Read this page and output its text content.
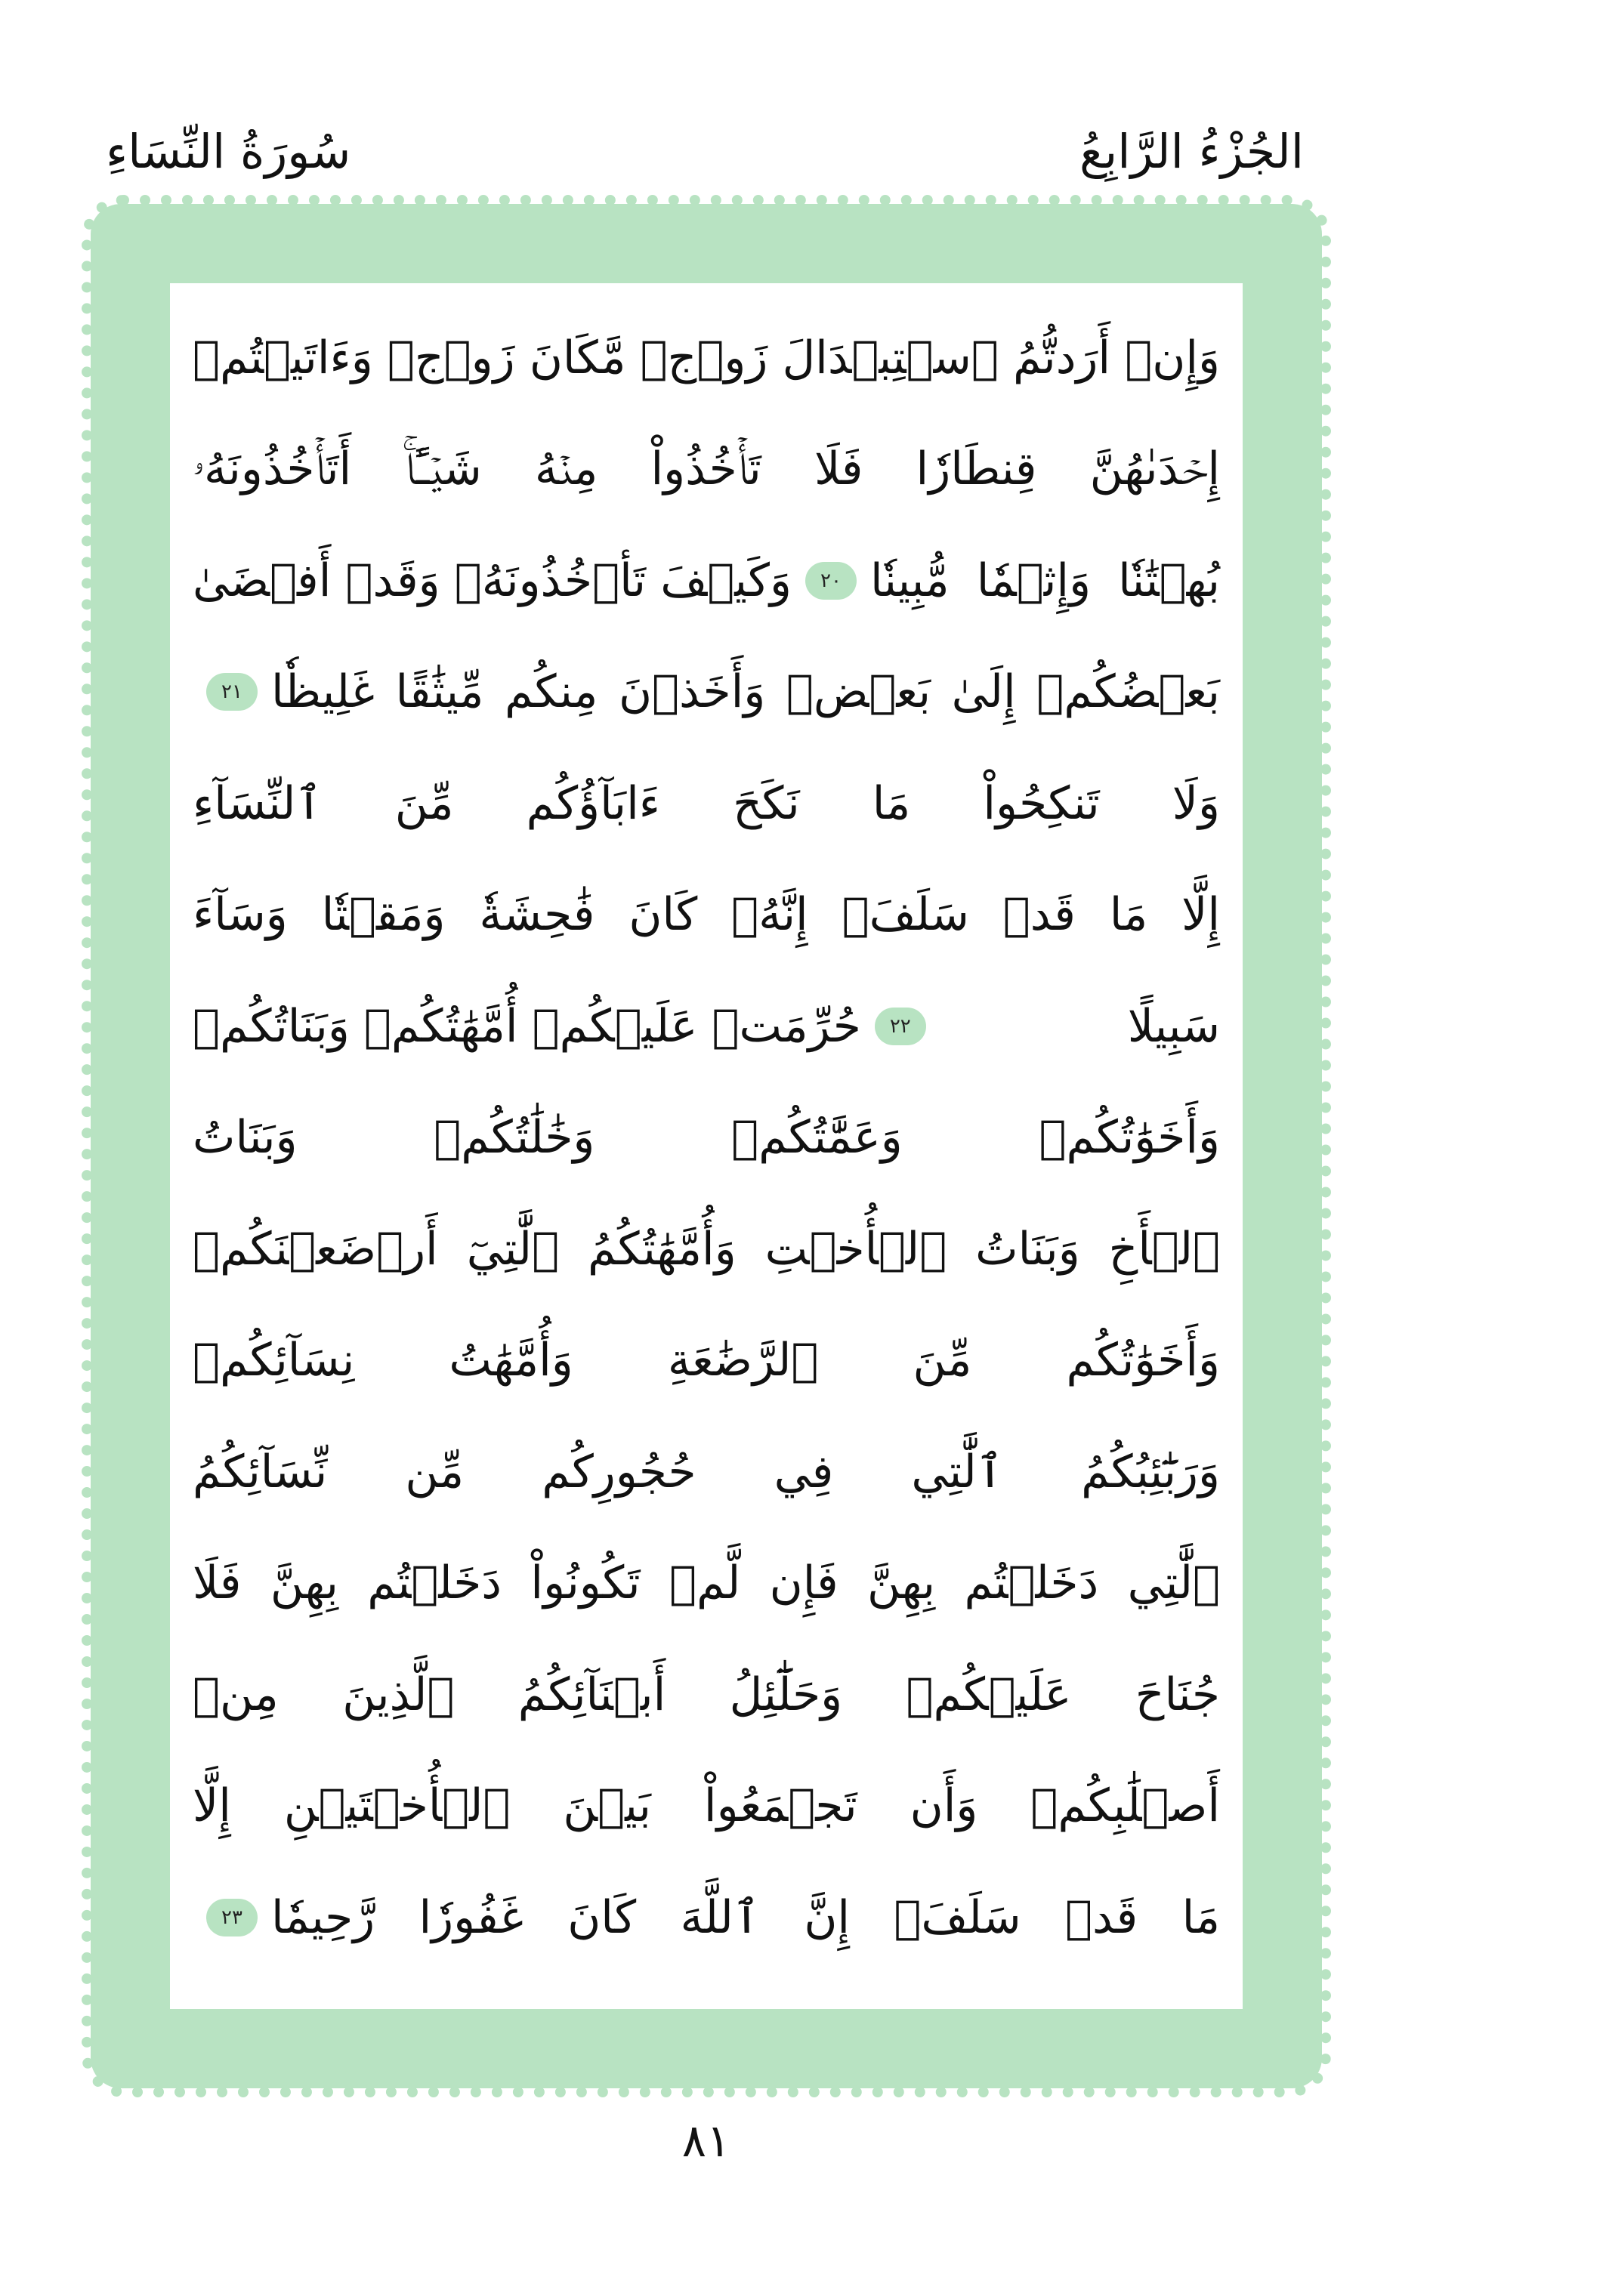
سُورَةُ النِّسَاءِ	الجُزْءُ الرَّابِعُ
وَإِنۡ أَرَدتُّمُ ٱسۡتِبۡدَالَ زَوۡجٖ مَّكَانَ زَوۡجٖ وَءَاتَيۡتُمۡ
إِحۡدَىٰهُنَّ قِنطَارٗا فَلَا تَأۡخُذُواْ مِنۡهُ شَيۡـًٔاۚ أَتَأۡخُذُونَهُۥ
بُهۡتَٰنٗا وَإِثۡمٗا مُّبِينٗا
٢٠
وَكَيۡفَ تَأۡخُذُونَهُۥ وَقَدۡ أَفۡضَىٰ
بَعۡضُكُمۡ إِلَىٰ بَعۡضٖ وَأَخَذۡنَ مِنكُم مِّيثَٰقًا غَلِيظٗا
٢١
وَلَا تَنكِحُواْ مَا نَكَحَ ءَابَآؤُكُم مِّنَ ٱلنِّسَآءِ
إِلَّا مَا قَدۡ سَلَفَۚ إِنَّهُۥ كَانَ فَٰحِشَةٗ وَمَقۡتٗا وَسَآءَ
سَبِيلًا
٢٢
حُرِّمَتۡ عَلَيۡكُمۡ أُمَّهَٰتُكُمۡ وَبَنَاتُكُمۡ
وَأَخَوَٰتُكُمۡ وَعَمَّٰتُكُمۡ وَخَٰلَٰتُكُمۡ وَبَنَاتُ
ٱلۡأَخِ وَبَنَاتُ ٱلۡأُخۡتِ وَأُمَّهَٰتُكُمُ ٱلَّٰتِيٓ أَرۡضَعۡنَكُمۡ
وَأَخَوَٰتُكُم مِّنَ ٱلرَّضَٰعَةِ وَأُمَّهَٰتُ نِسَآئِكُمۡ
وَرَبَٰٓئِبُكُمُ ٱلَّٰتِي فِي حُجُورِكُم مِّن نِّسَآئِكُمُ
ٱلَّٰتِي دَخَلۡتُم بِهِنَّ فَإِن لَّمۡ تَكُونُواْ دَخَلۡتُم بِهِنَّ فَلَا
جُنَاحَ عَلَيۡكُمۡ وَحَلَٰٓئِلُ أَبۡنَآئِكُمُ ٱلَّذِينَ مِنۡ
أَصۡلَٰبِكُمۡ وَأَن تَجۡمَعُواْ بَيۡنَ ٱلۡأُخۡتَيۡنِ إِلَّا
مَا قَدۡ سَلَفَۗ إِنَّ ٱللَّهَ كَانَ غَفُورٗا رَّحِيمٗا
٢٣
٨١
